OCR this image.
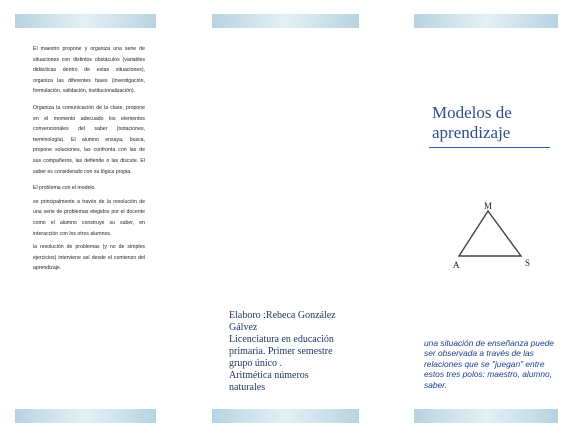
El maestro propone y organiza una serie de situaciones con distintos obstáculos (variables didácticas dentro de estas situaciones), organiza las diferentes fases (investigación, formulación, validación, institucionalización).

Organiza la comunicación de la clase, propone en el momento adecuado los elementos convencionales del saber (notaciones, terminología). El alumno ensaya, busca, propone soluciones, las confronta con las de sus compañeros, las defiende o las discute. El saber es considerado con su lógica propia.

El problema con el modelo.

es principalmente a través de la resolución de una serie de problemas elegidos por el docente como el alumno construye su saber, en interacción con los otros alumnos.

la resolución de problemas (y no de simples ejercicios) interviene así desde el comienzo del aprendizaje.

Elaboro :Rebeca González Gálvez
Licenciatura en educación primaria. Primer semestre grupo único .
Aritmética números naturales
Modelos de aprendizaje
M
A	S
una situación de enseñanza puede ser observada a través de las relaciones que se "juegan" entre estos tres polos: maestro, alumno, saber.
